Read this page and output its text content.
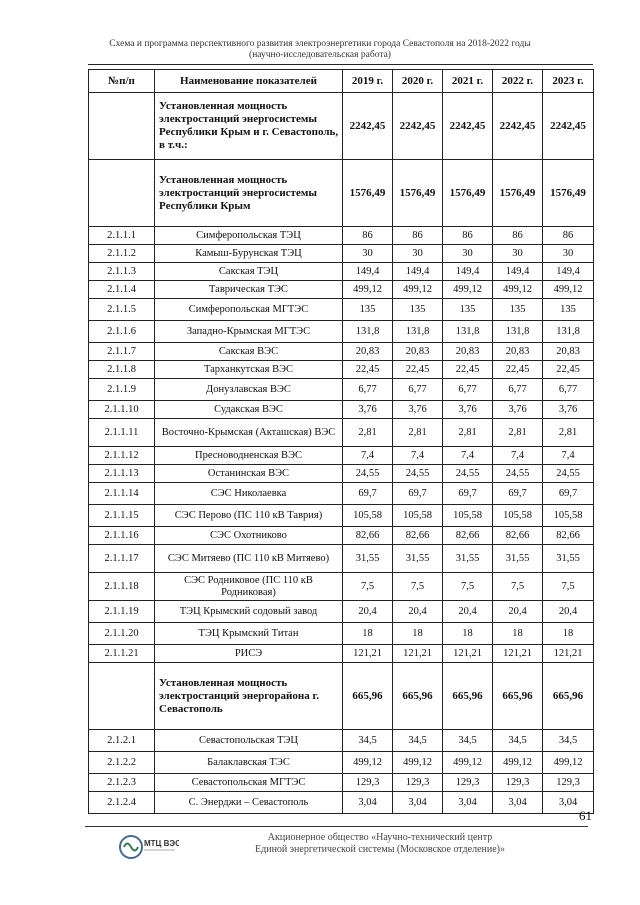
Схема и программа перспективного развития электроэнергетики города Севастополя на 2018-2022 годы
(научно-исследовательская работа)
№п/п	Наименование показателей	2019 г.	2020 г.	2021 г.	2022 г.	2023 г.
	Установленная мощность электростанций энергосистемы Республики Крым и г. Севастополь, в т.ч.:	2242,45	2242,45	2242,45	2242,45	2242,45
	Установленная мощность электростанций энергосистемы Республики Крым	1576,49	1576,49	1576,49	1576,49	1576,49
2.1.1.1	Симферопольская ТЭЦ	86	86	86	86	86
2.1.1.2	Камыш-Бурунская ТЭЦ	30	30	30	30	30
2.1.1.3	Сакская ТЭЦ	149,4	149,4	149,4	149,4	149,4
2.1.1.4	Таврическая ТЭС	499,12	499,12	499,12	499,12	499,12
2.1.1.5	Симферопольская МГТЭС	135	135	135	135	135
2.1.1.6	Западно-Крымская МГТЭС	131,8	131,8	131,8	131,8	131,8
2.1.1.7	Сакская ВЭС	20,83	20,83	20,83	20,83	20,83
2.1.1.8	Тарханкутская ВЭС	22,45	22,45	22,45	22,45	22,45
2.1.1.9	Донузлавская ВЭС	6,77	6,77	6,77	6,77	6,77
2.1.1.10	Судакская ВЭС	3,76	3,76	3,76	3,76	3,76
2.1.1.11	Восточно-Крымская (Акташская) ВЭС	2,81	2,81	2,81	2,81	2,81
2.1.1.12	Пресноводненская ВЭС	7,4	7,4	7,4	7,4	7,4
2.1.1.13	Останинская ВЭС	24,55	24,55	24,55	24,55	24,55
2.1.1.14	СЭС Николаевка	69,7	69,7	69,7	69,7	69,7
2.1.1.15	СЭС Перово (ПС 110 кВ Таврия)	105,58	105,58	105,58	105,58	105,58
2.1.1.16	СЭС Охотниково	82,66	82,66	82,66	82,66	82,66
2.1.1.17	СЭС Митяево (ПС 110 кВ Митяево)	31,55	31,55	31,55	31,55	31,55
2.1.1.18	СЭС Родниковое (ПС 110 кВ Родниковая)	7,5	7,5	7,5	7,5	7,5
2.1.1.19	ТЭЦ Крымский содовый завод	20,4	20,4	20,4	20,4	20,4
2.1.1.20	ТЭЦ Крымский Титан	18	18	18	18	18
2.1.1.21	РИСЭ	121,21	121,21	121,21	121,21	121,21
	Установленная мощность электростанций энергорайона г. Севастополь	665,96	665,96	665,96	665,96	665,96
2.1.2.1	Севастопольская ТЭЦ	34,5	34,5	34,5	34,5	34,5
2.1.2.2	Балаклавская ТЭС	499,12	499,12	499,12	499,12	499,12
2.1.2.3	Севастопольская МГТЭС	129,3	129,3	129,3	129,3	129,3
2.1.2.4	С. Энерджи – Севастополь	3,04	3,04	3,04	3,04	3,04
61
МТЦ ВЭС
Акционерное общество «Научно-технический центр
Единой энергетической системы (Московское отделение)»
